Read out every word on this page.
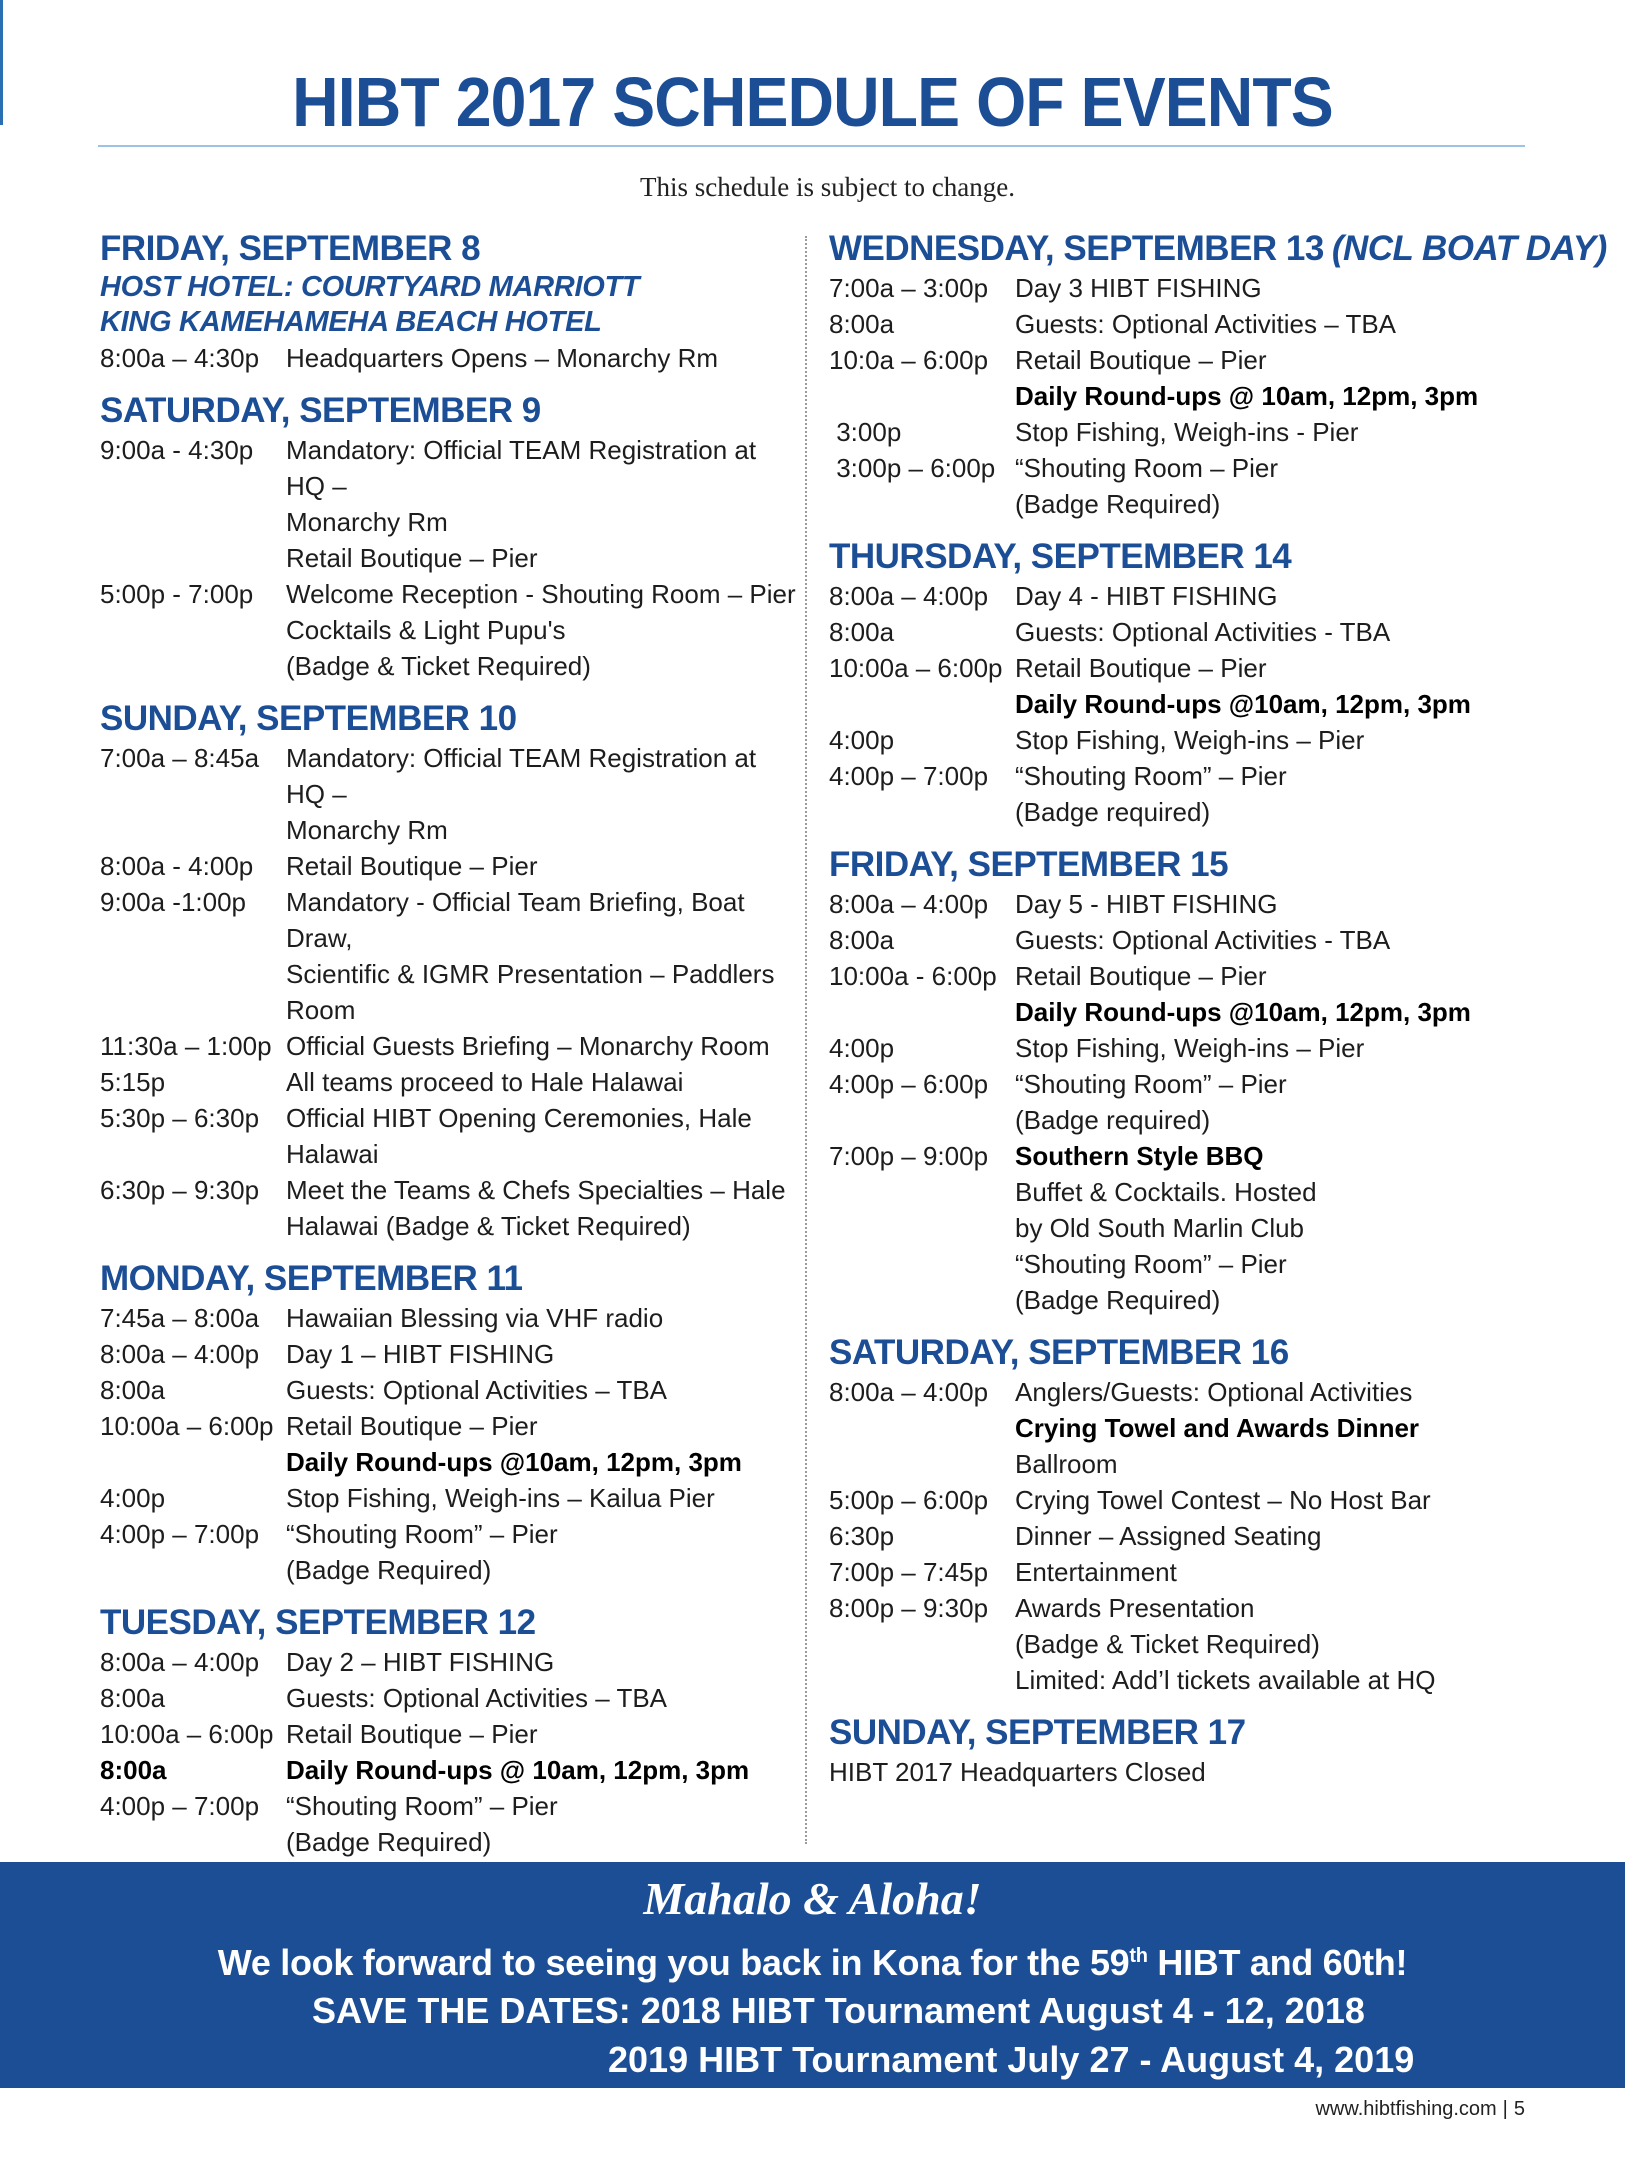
HIBT 2017 SCHEDULE OF EVENTS
This schedule is subject to change.
FRIDAY, SEPTEMBER 8
HOST HOTEL: COURTYARD MARRIOTT KING KAMEHAMEHA BEACH HOTEL
8:00a – 4:30p	Headquarters Opens – Monarchy Rm
SATURDAY, SEPTEMBER 9
9:00a - 4:30p	Mandatory: Official TEAM Registration at HQ –
Monarchy Rm
Retail Boutique – Pier
5:00p - 7:00p	Welcome Reception - Shouting Room – Pier
Cocktails & Light Pupu's
(Badge & Ticket Required)
SUNDAY, SEPTEMBER 10
7:00a – 8:45a	Mandatory: Official TEAM Registration at HQ –
Monarchy Rm
8:00a - 4:00p	Retail Boutique – Pier
9:00a -1:00p	Mandatory - Official Team Briefing, Boat Draw,
Scientific & IGMR Presentation – Paddlers Room
11:30a – 1:00p Official Guests Briefing – Monarchy Room
5:15p	All teams proceed to Hale Halawai
5:30p – 6:30p	Official HIBT Opening Ceremonies, Hale Halawai
6:30p – 9:30p	Meet the Teams & Chefs Specialties – Hale
Halawai (Badge & Ticket Required)
MONDAY, SEPTEMBER 11
7:45a – 8:00a	Hawaiian Blessing via VHF radio
8:00a – 4:00p	Day 1 – HIBT FISHING
8:00a	Guests: Optional Activities – TBA
10:00a – 6:00p Retail Boutique – Pier
Daily Round-ups @10am, 12pm, 3pm
4:00p	Stop Fishing, Weigh-ins – Kailua Pier
4:00p – 7:00p	“Shouting Room” – Pier
(Badge Required)
TUESDAY, SEPTEMBER 12
8:00a – 4:00p	Day 2 – HIBT FISHING
8:00a	Guests: Optional Activities – TBA
10:00a – 6:00p Retail Boutique – Pier
8:00a	Daily Round-ups @ 10am, 12pm, 3pm
4:00p – 7:00p	“Shouting Room” – Pier
(Badge Required)
WEDNESDAY, SEPTEMBER 13 (NCL BOAT DAY)
7:00a – 3:00p	Day 3 HIBT FISHING
8:00a	Guests: Optional Activities – TBA
10:0a – 6:00p	Retail Boutique – Pier
Daily Round-ups @ 10am, 12pm, 3pm
3:00p	Stop Fishing, Weigh-ins - Pier
3:00p – 6:00p “Shouting Room – Pier
(Badge Required)
THURSDAY, SEPTEMBER 14
8:00a – 4:00p	Day 4 - HIBT FISHING
8:00a	Guests: Optional Activities - TBA
10:00a – 6:00p Retail Boutique – Pier
Daily Round-ups @10am, 12pm, 3pm
4:00p	Stop Fishing, Weigh-ins – Pier
4:00p – 7:00p	“Shouting Room” – Pier
(Badge required)
FRIDAY, SEPTEMBER 15
8:00a – 4:00p	Day 5 - HIBT FISHING
8:00a	Guests: Optional Activities - TBA
10:00a - 6:00p Retail Boutique – Pier
Daily Round-ups @10am, 12pm, 3pm
4:00p	Stop Fishing, Weigh-ins – Pier
4:00p – 6:00p	“Shouting Room” – Pier
(Badge required)
7:00p – 9:00p	Southern Style BBQ
Buffet & Cocktails. Hosted
by Old South Marlin Club
“Shouting Room” – Pier
(Badge Required)
SATURDAY, SEPTEMBER 16
8:00a – 4:00p	Anglers/Guests: Optional Activities
Crying Towel and Awards Dinner
Ballroom
5:00p – 6:00p	Crying Towel Contest – No Host Bar
6:30p	Dinner – Assigned Seating
7:00p – 7:45p	Entertainment
8:00p – 9:30p	Awards Presentation
(Badge & Ticket Required)
Limited: Add’l tickets available at HQ
SUNDAY, SEPTEMBER 17
HIBT 2017 Headquarters Closed
Mahalo & Aloha!
We look forward to seeing you back in Kona for the 59th HIBT and 60th!
SAVE THE DATES: 2018 HIBT Tournament August 4 - 12, 2018
2019 HIBT Tournament July 27 - August 4, 2019
www.hibtfishing.com | 5
